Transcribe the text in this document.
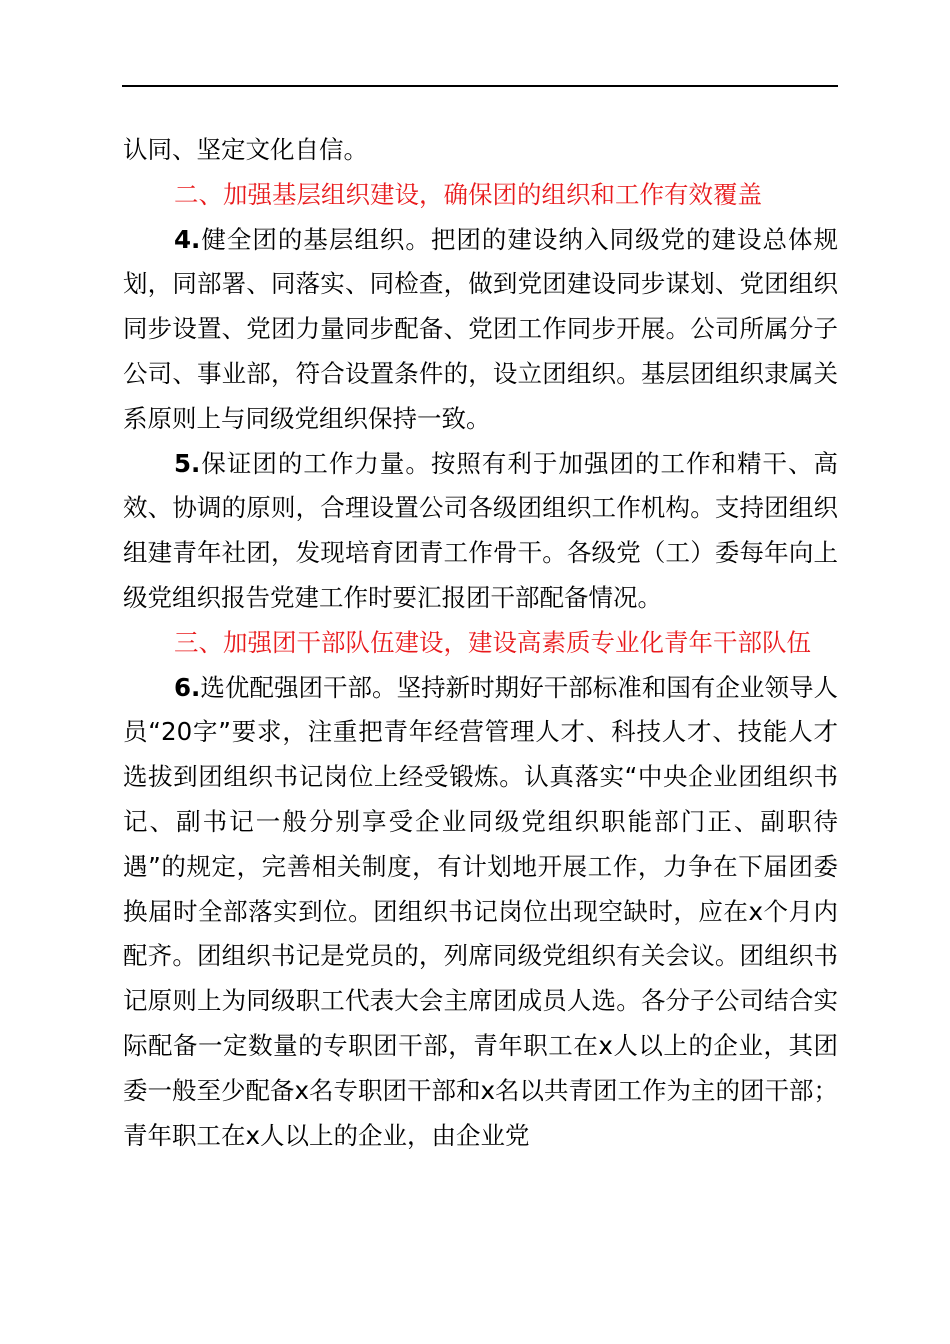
认同、坚定文化自信。

二、加强基层组织建设，确保团的组织和工作有效覆盖

4.健全团的基层组织。把团的建设纳入同级党的建设总体规划，同部署、同落实、同检查，做到党团建设同步谋划、党团组织同步设置、党团力量同步配备、党团工作同步开展。公司所属分子公司、事业部，符合设置条件的，设立团组织。基层团组织隶属关系原则上与同级党组织保持一致。

5.保证团的工作力量。按照有利于加强团的工作和精干、高效、协调的原则，合理设置公司各级团组织工作机构。支持团组织组建青年社团，发现培育团青工作骨干。各级党（工）委每年向上级党组织报告党建工作时要汇报团干部配备情况。

三、加强团干部队伍建设，建设高素质专业化青年干部队伍

6.选优配强团干部。坚持新时期好干部标准和国有企业领导人员“20字”要求，注重把青年经营管理人才、科技人才、技能人才选拔到团组织书记岗位上经受锻炼。认真落实“中央企业团组织书记、副书记一般分别享受企业同级党组织职能部门正、副职待遇”的规定，完善相关制度，有计划地开展工作，力争在下届团委换届时全部落实到位。团组织书记岗位出现空缺时，应在x个月内配齐。团组织书记是党员的，列席同级党组织有关会议。团组织书记原则上为同级职工代表大会主席团成员人选。各分子公司结合实际配备一定数量的专职团干部，青年职工在x人以上的企业，其团委一般至少配备x名专职团干部和x名以共青团工作为主的团干部；青年职工在x人以上的企业，由企业党
